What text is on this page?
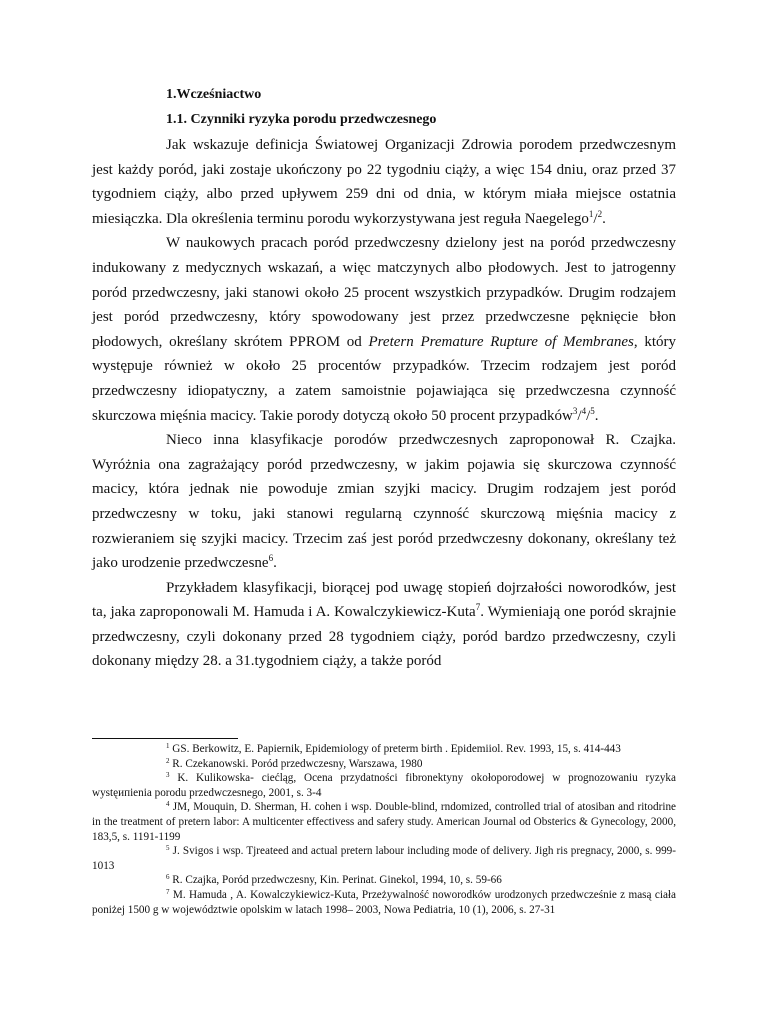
1.Wcześniactwo
1.1. Czynniki ryzyka porodu przedwczesnego

Jak wskazuje definicja Światowej Organizacji Zdrowia porodem przedwczesnym jest każdy poród, jaki zostaje ukończony po 22 tygodniu ciąży, a więc 154 dniu, oraz przed 37 tygodniem ciąży, albo przed upływem 259 dni od dnia, w którym miała miejsce ostatnia miesiączka. Dla określenia terminu porodu wykorzystywana jest reguła Naegelego$^1$/$^2$.

W naukowych pracach poród przedwczesny dzielony jest na poród przedwczesny indukowany z medycznych wskazań, a więc matczynych albo płodowych. Jest to jatrogenny poród przedwczesny, jaki stanowi około 25 procent wszystkich przypadków. Drugim rodzajem jest poród przedwczesny, który spowodowany jest przez przedwczesne pęknięcie błon płodowych, określany skrótem PPROM od Pretern Premature Rupture of Membranes, który występuje również w około 25 procentów przypadków. Trzecim rodzajem jest poród przedwczesny idiopatyczny, a zatem samoistnie pojawiająca się przedwczesna czynność skurczowa mięśnia macicy. Takie porody dotyczą około 50 procent przypadków$^3$/$^4$/$^5$.

Nieco inna klasyfikacje porodów przedwczesnych zaproponował R. Czajka. Wyróżnia ona zagrażający poród przedwczesny, w jakim pojawia się skurczowa czynność macicy, która jednak nie powoduje zmian szyjki macicy. Drugim rodzajem jest poród przedwczesny w toku, jaki stanowi regularną czynność skurczową mięśnia macicy z rozwieraniem się szyjki macicy. Trzecim zaś jest poród przedwczesny dokonany, określany też jako urodzenie przedwczesne$^6$.

Przykładem klasyfikacji, biorącej pod uwagę stopień dojrzałości noworodków, jest ta, jaka zaproponowali M. Hamuda i A. Kowalczykiewicz-Kuta$^7$. Wymieniają one poród skrajnie przedwczesny, czyli dokonany przed 28 tygodniem ciąży, poród bardzo przedwczesny, czyli dokonany między 28. a 31.tygodniem ciąży, a także poród

$^1$ GS. Berkowitz, E. Papiernik, Epidemiology of preterm birth . Epidemiiol. Rev. 1993, 15, s. 414-443

$^2$ R. Czekanowski. Poród przedwczesny, Warszawa, 1980

$^3$ K. Kulikowska- ciećląg, Ocena przydatności fibronektyny okołoporodowej w prognozowaniu ryzyka wystęипienia porodu przedwczesnego, 2001, s. 3-4

$^4$ JM, Mouquin, D. Sherman, H. cohen i wsp. Double-blind, rndomized, controlled trial of atosiban and ritodrine in the treatment of pretern labor: A multicenter effectivess and safery study. American Journal od Obsterics & Gynecology, 2000, 183,5, s. 1191-1199

$^5$ J. Svigos i wsp. Tjreateed and actual pretern labour including mode of delivery. Jigh ris pregnacy, 2000, s. 999-1013

$^6$ R. Czajka, Poród przedwczesny, Kin. Perinat. Ginekol, 1994, 10, s. 59-66

$^7$ M. Hamuda , A. Kowalczykiewicz-Kuta, Przeżywalność noworodków urodzonych przedwcześnie z masą ciała poniżej 1500 g w województwie opolskim w latach 1998– 2003, Nowa Pediatria, 10 (1), 2006, s. 27-31
